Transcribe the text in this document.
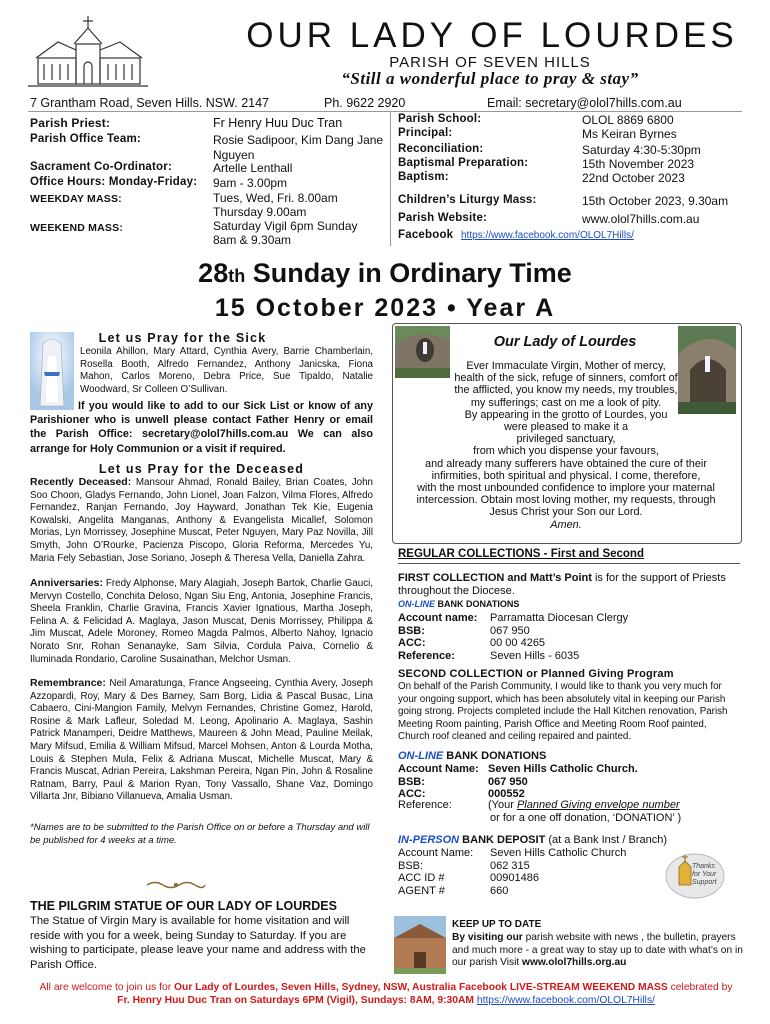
OUR LADY OF LOURDES
PARISH OF SEVEN HILLS
“Still a wonderful place to pray & stay”
7 Grantham Road, Seven Hills. NSW. 2147	Ph. 9622 2920	Email: secretary@olol7hills.com.au
Parish Priest:	Fr Henry Huu Duc Tran
Parish Office Team:	Rosie Sadipoor, Kim Dang Jane Nguyen
Sacrament Co-Ordinator:	Artelle Lenthall
Office Hours: Monday-Friday: 9am - 3.00pm
WEEKDAY MASS:	Tues, Wed, Fri. 8.00am Thursday 9.00am
WEEKEND MASS:	Saturday Vigil 6pm Sunday 8am & 9.30am
Parish School:	OLOL 8869 6800
Principal:	Ms Keiran Byrnes
Reconciliation:	Saturday 4:30-5:30pm
Baptismal Preparation:	15th November 2023
Baptism:	22nd October 2023
Children’s Liturgy Mass:	15th October 2023, 9.30am
Parish Website:	www.olol7hills.com.au
Facebook https://www.facebook.com/OLOL7Hills/
28th Sunday in Ordinary Time
15 October 2023 • Year A
Let us Pray for the Sick
Leonila Ahillon, Mary Attard, Cynthia Avery, Barrie Chamberlain, Rosella Booth, Alfredo Fernandez, Anthony Janicska, Fiona Mahon, Carlos Moreno, Debra Price, Sue Tipaldo, Natalie Woodward, Sr Colleen O’Sullivan.
If you would like to add to our Sick List or know of any Parishioner who is unwell please contact Father Henry or email the Parish Office: secretary@olol7hills.com.au We can also arrange for Holy Communion or a visit if required.
Let us Pray for the Deceased
Recently Deceased: Mansour Ahmad, Ronald Bailey, Brian Coates, John Soo Choon, Gladys Fernando, John Lionel, Joan Falzon, Vilma Flores, Alfredo Fernandez, Ranjan Fernando, Joy Hayward, Jonathan Tek Kie, Eugenia Kowalski, Angelita Manganas, Anthony & Evangelista Micallef, Solomon Morias, Lyn Morrissey, Josephine Muscat, Peter Nguyen, Mary Paz Novilla, Jill Smyth, John O’Rourke, Pacienza Piscopo, Gloria Reforma, Mercedes Yu, Maria Fely Sebastian, Jose Soriano, Joseph & Theresa Vella, Daniella Zahra.
Anniversaries: Fredy Alphonse, Mary Alagiah, Joseph Bartok, Charlie Gauci, Mervyn Costello, Conchita Deloso, Ngan Siu Eng, Antonia, Josephine Francis, Sheela Franklin, Charlie Gravina, Francis Xavier Ignatious, Martha Joseph, Felina A. & Felicidad A. Maglaya, Jason Muscat, Denis Morrissey, Philippa & Jim Muscat, Adele Moroney, Romeo Magda Palmos, Alberto Nahoy, Ignacio Norato Snr, Rohan Senanayke, Sam Silvia, Cordula Paiva, Cornelio & Iluminada Rondario, Caroline Susainathan, Melchor Usman.
Remembrance: Neil Amaratunga, France Angseeing, Cynthia Avery, Joseph Azzopardi, Roy, Mary & Des Barney, Sam Borg, Lidia & Pascal Busac, Lina Cabaero, Cini-Mangion Family, Melvyn Fernandes, Christine Gomez, Harold, Rosine & Mark Lafleur, Soledad M. Leong, Apolinario A. Maglaya, Sashin Patrick Manamperi, Deidre Matthews, Maureen & John Mead, Pauline Meilak, Mary Mifsud, Emilia & William Mifsud, Marcel Mohsen, Anton & Lourda Motha, Louis & Stephen Mula, Felix & Adriana Muscat, Michelle Muscat, Mary & Francis Muscat, Adrian Pereira, Lakshman Pereira, Ngan Pin, John & Rosaline Ratnam, Barry, Paul & Marion Ryan, Tony Vassallo, Shane Vaz, Domingo Villarta Jnr, Bibiano Villanueva, Amalia Usman.
*Names are to be submitted to the Parish Office on or before a Thursday and will be published for 4 weeks at a time.
THE PILGRIM STATUE OF OUR LADY OF LOURDES
The Statue of Virgin Mary is available for home visitation and will reside with you for a week, being Sunday to Saturday. If you are wishing to participate, please leave your name and address with the Parish Office.
Our Lady of Lourdes
Ever Immaculate Virgin, Mother of mercy,
health of the sick, refuge of sinners, comfort of
the afflicted, you know my needs, my troubles,
my sufferings; cast on me a look of pity.
By appearing in the grotto of Lourdes, you
were pleased to make it a
privileged sanctuary,
from which you dispense your favours,
and already many sufferers have obtained the cure of their
infirmities, both spiritual and physical. I come, therefore,
with the most unbounded confidence to implore your maternal
intercession. Obtain most loving mother, my requests, through
Jesus Christ your Son our Lord.
Amen.
REGULAR COLLECTIONS - First and Second
FIRST COLLECTION and Matt’s Point is for the support of Priests throughout the Diocese.
ON-LINE BANK DONATIONS
Account name: Parramatta Diocesan Clergy
BSB:	067 950
ACC:	00 00 4265
Reference:	Seven Hills - 6035
SECOND COLLECTION or Planned Giving Program
On behalf of the Parish Community, I would like to thank you very much for your ongoing support, which has been absolutely vital in keeping our Parish going strong. Projects completed include the Hall Kitchen renovation, Parish Meeting Room painting, Parish Office and Meeting Room Roof painted, Church roof cleaned and ceiling repaired and painted.
ON-LINE BANK DONATIONS
Account Name: Seven Hills Catholic Church.
BSB:	067 950
ACC:	000552
Reference:	(Your Planned Giving envelope number
or for a one off donation, ‘DONATION’ )
IN-PERSON BANK DEPOSIT (at a Bank Inst / Branch)
Account Name: Seven Hills Catholic Church
BSB:	062 315
ACC ID #	00901486
AGENT #	660
Thanks for Your Support
KEEP UP TO DATE
By visiting our parish website with news , the bulletin, prayers and much more - a great way to stay up to date with what’s on in our parish Visit www.olol7hills.org.au
All are welcome to join us for Our Lady of Lourdes, Seven Hills, Sydney, NSW, Australia Facebook LIVE-STREAM WEEKEND MASS celebrated by
Fr. Henry Huu Duc Tran on Saturdays 6PM (Vigil), Sundays: 8AM, 9:30AM https://www.facebook.com/OLOL7Hills/
